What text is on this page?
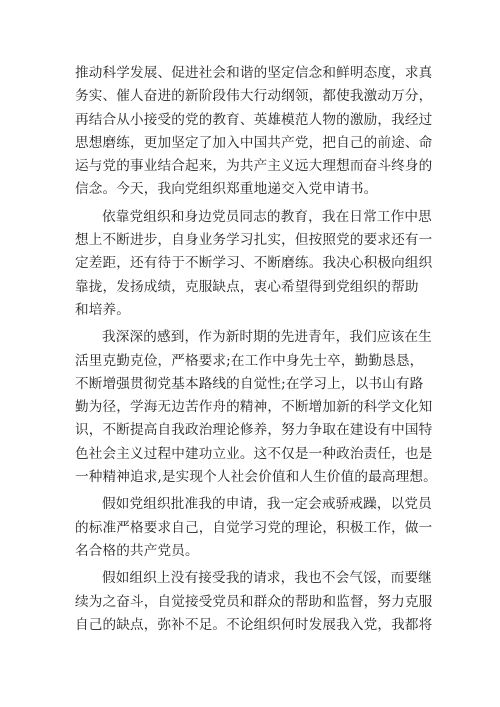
推动科学发展、促进社会和谐的坚定信念和鲜明态度，求真
务实、催人奋进的新阶段伟大行动纲领，都使我激动万分，
再结合从小接受的党的教育、英雄模范人物的激励，我经过
思想磨练，更加坚定了加入中国共产党，把自己的前途、命
运与党的事业结合起来，为共产主义远大理想而奋斗终身的
信念。今天，我向党组织郑重地递交入党申请书。

依靠党组织和身边党员同志的教育，我在日常工作中思
想上不断进步，自身业务学习扎实，但按照党的要求还有一
定差距，还有待于不断学习、不断磨练。我决心积极向组织
靠拢，发扬成绩，克服缺点，衷心希望得到党组织的帮助
和培养。

我深深的感到，作为新时期的先进青年，我们应该在生
活里克勤克俭，严格要求;在工作中身先士卒，勤勤恳恳，
不断增强贯彻党基本路线的自觉性;在学习上，以书山有路
勤为径，学海无边苦作舟的精神，不断增加新的科学文化知
识，不断提高自我政治理论修养，努力争取在建设有中国特
色社会主义过程中建功立业。这不仅是一种政治责任，也是
一种精神追求,是实现个人社会价值和人生价值的最高理想。

假如党组织批准我的申请，我一定会戒骄戒躁，以党员
的标准严格要求自己，自觉学习党的理论，积极工作，做一
名合格的共产党员。

假如组织上没有接受我的请求，我也不会气馁，而要继
续为之奋斗，自觉接受党员和群众的帮助和监督，努力克服
自己的缺点，弥补不足。不论组织何时发展我入党，我都将
